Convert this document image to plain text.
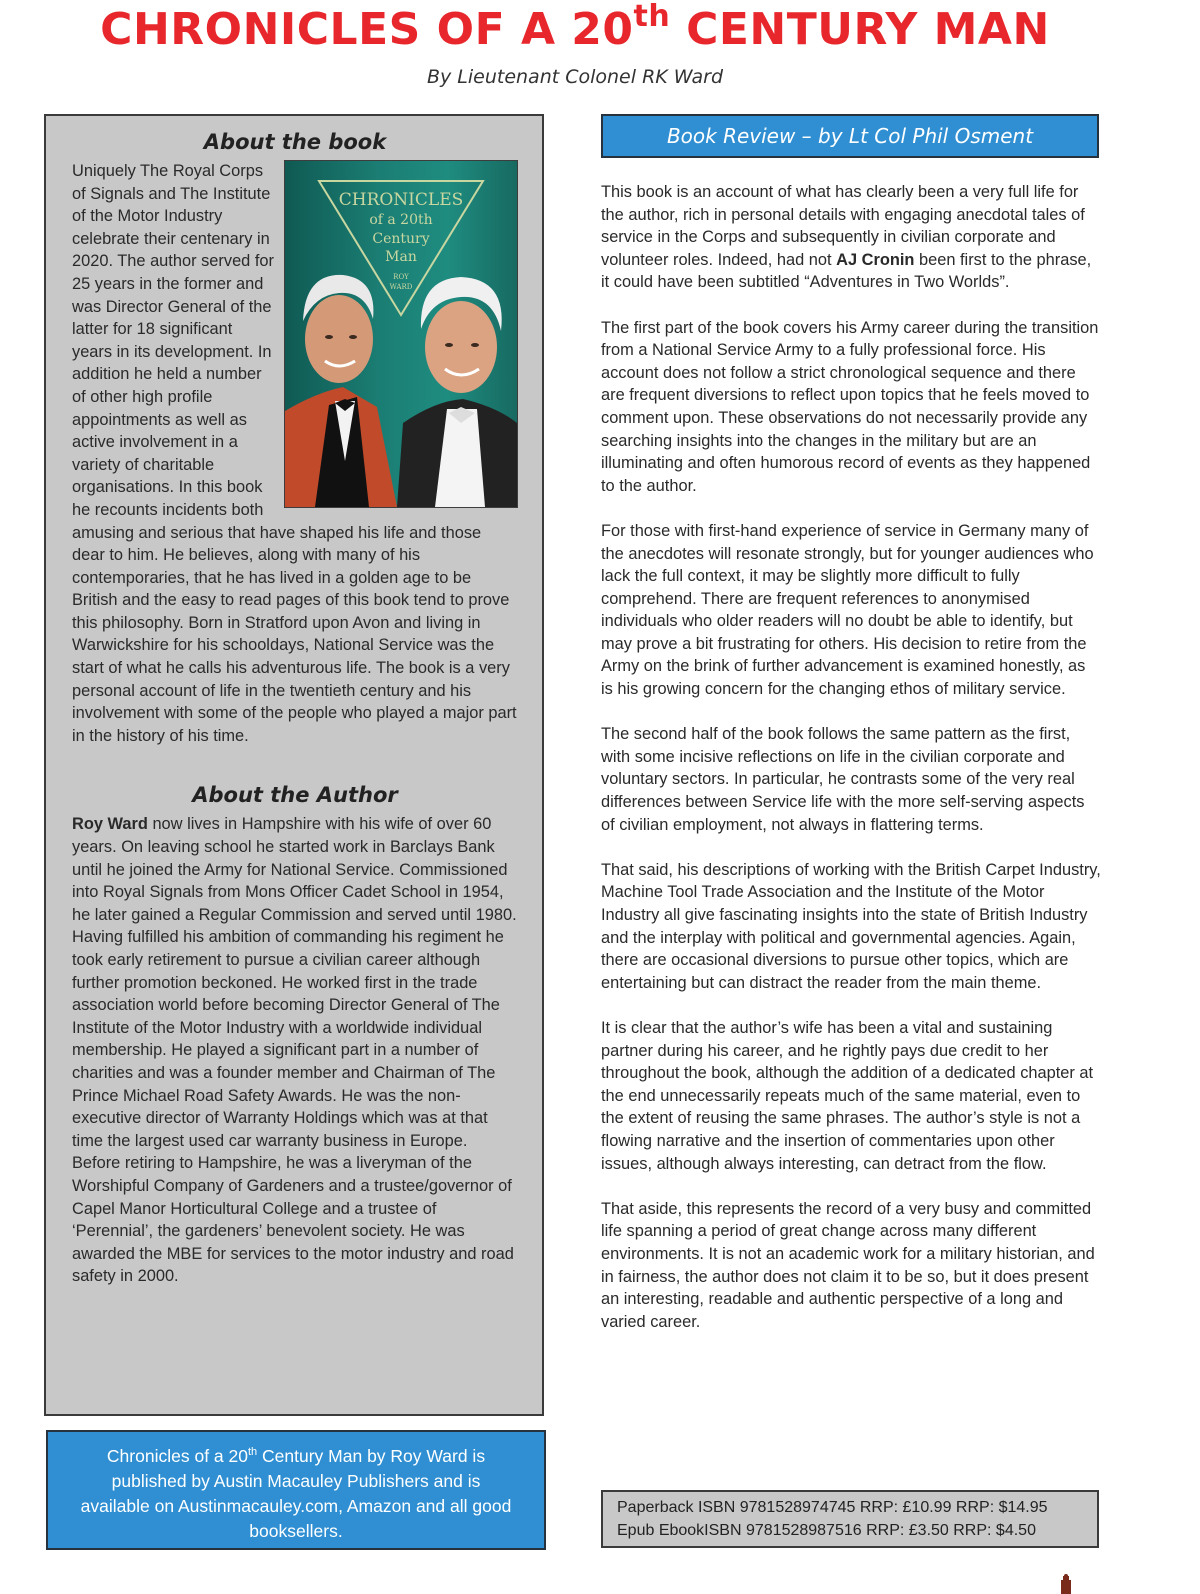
CHRONICLES OF A 20th CENTURY MAN
By Lieutenant Colonel RK Ward
About the book
CHRONICLES
of a 20th
Century
Man
ROY
WARD

Uniquely The Royal Corps of Signals and The Institute of the Motor Industry celebrate their centenary in 2020. The author served for 25 years in the former and was Director General of the latter for 18 significant years in its development. In addition he held a number of other high profile appointments as well as active involvement in a variety of charitable organisations. In this book he recounts incidents both amusing and serious that have shaped his life and those dear to him. He believes, along with many of his contemporaries, that he has lived in a golden age to be British and the easy to read pages of this book tend to prove this philosophy. Born in Stratford upon Avon and living in Warwickshire for his schooldays, National Service was the start of what he calls his adventurous life. The book is a very personal account of life in the twentieth century and his involvement with some of the people who played a major part in the history of his time.

About the Author

Roy Ward now lives in Hampshire with his wife of over 60 years. On leaving school he started work in Barclays Bank until he joined the Army for National Service. Commissioned into Royal Signals from Mons Officer Cadet School in 1954, he later gained a Regular Commission and served until 1980. Having fulfilled his ambition of commanding his regiment he took early retirement to pursue a civilian career although further promotion beckoned. He worked first in the trade association world before becoming Director General of The Institute of the Motor Industry with a worldwide individual membership. He played a significant part in a number of charities and was a founder member and Chairman of The Prince Michael Road Safety Awards. He was the non-executive director of Warranty Holdings which was at that time the largest used car warranty business in Europe. Before retiring to Hampshire, he was a liveryman of the Worshipful Company of Gardeners and a trustee/governor of Capel Manor Horticultural College and a trustee of ‘Perennial’, the gardeners’ benevolent society. He was awarded the MBE for services to the motor industry and road safety in 2000.

Chronicles of a 20th Century Man by Roy Ward is published by Austin Macauley Publishers and is available on Austinmacauley.com, Amazon and all good booksellers.
Book Review – by Lt Col Phil Osment

This book is an account of what has clearly been a very full life for the author, rich in personal details with engaging anecdotal tales of service in the Corps and subsequently in civilian corporate and volunteer roles. Indeed, had not AJ Cronin been first to the phrase, it could have been subtitled “Adventures in Two Worlds”.

The first part of the book covers his Army career during the transition from a National Service Army to a fully professional force. His account does not follow a strict chronological sequence and there are frequent diversions to reflect upon topics that he feels moved to comment upon. These observations do not necessarily provide any searching insights into the changes in the military but are an illuminating and often humorous record of events as they happened to the author.

For those with first-hand experience of service in Germany many of the anecdotes will resonate strongly, but for younger audiences who lack the full context, it may be slightly more difficult to fully comprehend. There are frequent references to anonymised individuals who older readers will no doubt be able to identify, but may prove a bit frustrating for others. His decision to retire from the Army on the brink of further advancement is examined honestly, as is his growing concern for the changing ethos of military service.

The second half of the book follows the same pattern as the first, with some incisive reflections on life in the civilian corporate and voluntary sectors. In particular, he contrasts some of the very real differences between Service life with the more self-serving aspects of civilian employment, not always in flattering terms.

That said, his descriptions of working with the British Carpet Industry, Machine Tool Trade Association and the Institute of the Motor Industry all give fascinating insights into the state of British Industry and the interplay with political and governmental agencies. Again, there are occasional diversions to pursue other topics, which are entertaining but can distract the reader from the main theme.

It is clear that the author’s wife has been a vital and sustaining partner during his career, and he rightly pays due credit to her throughout the book, although the addition of a dedicated chapter at the end unnecessarily repeats much of the same material, even to the extent of reusing the same phrases. The author’s style is not a flowing narrative and the insertion of commentaries upon other issues, although always interesting, can detract from the flow.

That aside, this represents the record of a very busy and committed life spanning a period of great change across many different environments. It is not an academic work for a military historian, and in fairness, the author does not claim it to be so, but it does present an interesting, readable and authentic perspective of a long and varied career.

Paperback ISBN 9781528974745 RRP: £10.99 RRP: $14.95
Epub EbookISBN 9781528987516 RRP: £3.50 RRP: $4.50
